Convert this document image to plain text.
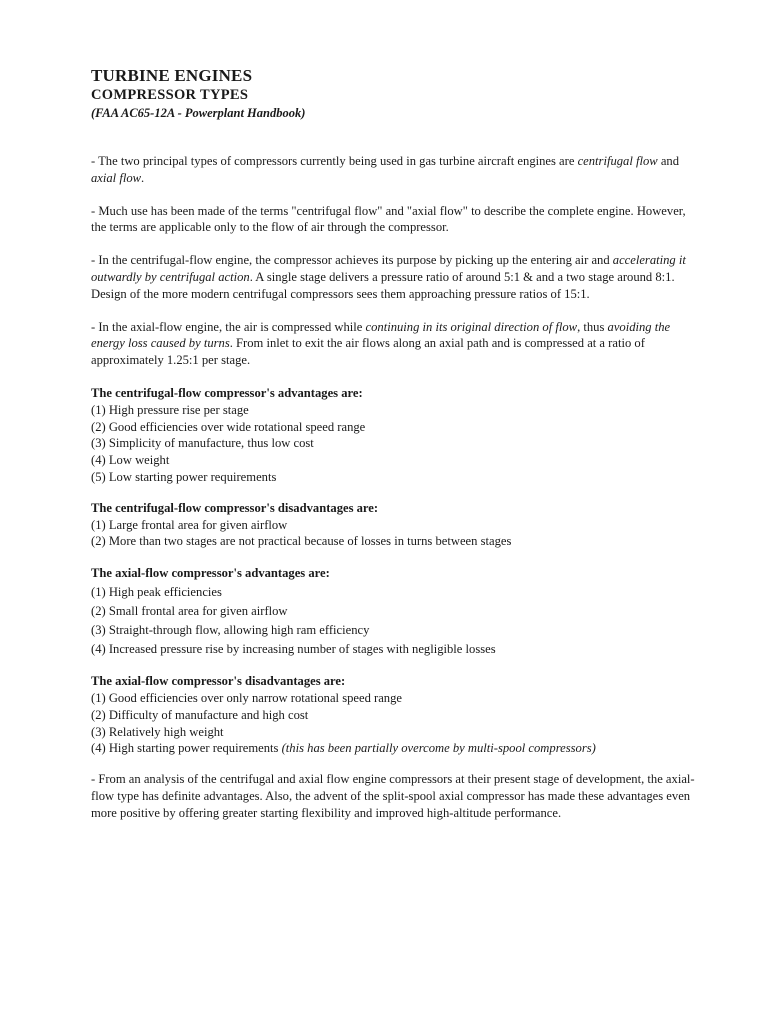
TURBINE ENGINES
COMPRESSOR TYPES
(FAA AC65-12A - Powerplant Handbook)

- The two principal types of compressors currently being used in gas turbine aircraft engines are centrifugal flow and axial flow.

- Much use has been made of the terms "centrifugal flow" and "axial flow" to describe the complete engine. However, the terms are applicable only to the flow of air through the compressor.

- In the centrifugal-flow engine, the compressor achieves its purpose by picking up the entering air and accelerating it outwardly by centrifugal action. A single stage delivers a pressure ratio of around 5:1 & and a two stage around 8:1. Design of the more modern centrifugal compressors sees them approaching pressure ratios of 15:1.

- In the axial-flow engine, the air is compressed while continuing in its original direction of flow, thus avoiding the energy loss caused by turns. From inlet to exit the air flows along an axial path and is compressed at a ratio of approximately 1.25:1 per stage.

The centrifugal-flow compressor's advantages are:
(1) High pressure rise per stage
(2) Good efficiencies over wide rotational speed range
(3) Simplicity of manufacture, thus low cost
(4) Low weight
(5) Low starting power requirements

The centrifugal-flow compressor's disadvantages are:
(1) Large frontal area for given airflow
(2) More than two stages are not practical because of losses in turns between stages

The axial-flow compressor's advantages are:
(1) High peak efficiencies
(2) Small frontal area for given airflow
(3) Straight-through flow, allowing high ram efficiency
(4) Increased pressure rise by increasing number of stages with negligible losses

The axial-flow compressor's disadvantages are:
(1) Good efficiencies over only narrow rotational speed range
(2) Difficulty of manufacture and high cost
(3) Relatively high weight
(4) High starting power requirements (this has been partially overcome by multi-spool compressors)

- From an analysis of the centrifugal and axial flow engine compressors at their present stage of development, the axial-flow type has definite advantages. Also, the advent of the split-spool axial compressor has made these advantages even more positive by offering greater starting flexibility and improved high-altitude performance.
